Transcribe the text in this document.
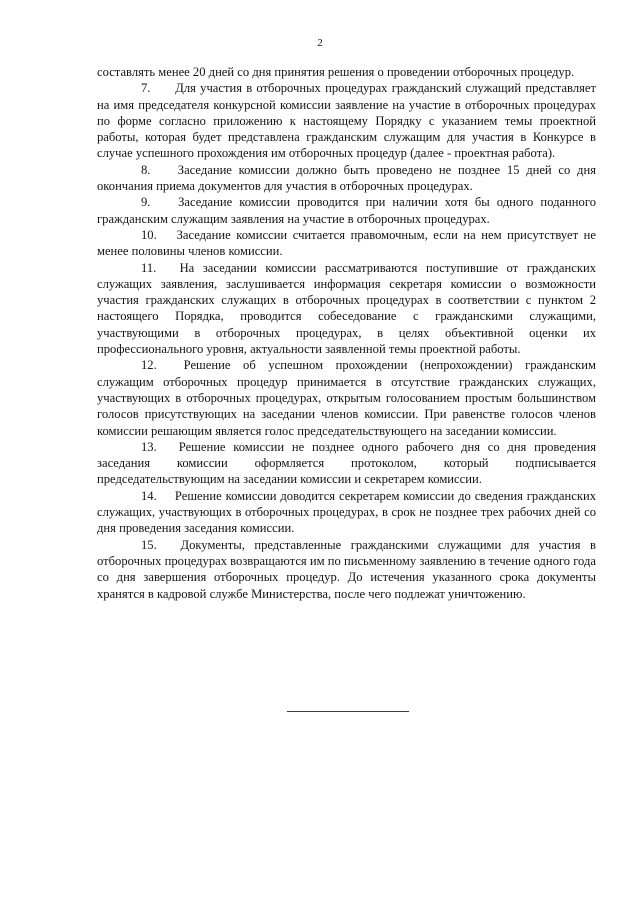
2

составлять менее 20 дней со дня принятия решения о проведении отборочных процедур.

7. Для участия в отборочных процедурах гражданский служащий представляет на имя председателя конкурсной комиссии заявление на участие в отборочных процедурах по форме согласно приложению к настоящему Порядку с указанием темы проектной работы, которая будет представлена гражданским служащим для участия в Конкурсе в случае успешного прохождения им отборочных процедур (далее - проектная работа).

8. Заседание комиссии должно быть проведено не позднее 15 дней со дня окончания приема документов для участия в отборочных процедурах.

9. Заседание комиссии проводится при наличии хотя бы одного поданного гражданским служащим заявления на участие в отборочных процедурах.

10. Заседание комиссии считается правомочным, если на нем присутствует не менее половины членов комиссии.

11. На заседании комиссии рассматриваются поступившие от гражданских служащих заявления, заслушивается информация секретаря комиссии о возможности участия гражданских служащих в отборочных процедурах в соответствии с пунктом 2 настоящего Порядка, проводится собеседование с гражданскими служащими, участвующими в отборочных процедурах, в целях объективной оценки их профессионального уровня, актуальности заявленной темы проектной работы.

12. Решение об успешном прохождении (непрохождении) гражданским служащим отборочных процедур принимается в отсутствие гражданских служащих, участвующих в отборочных процедурах, открытым голосованием простым большинством голосов присутствующих на заседании членов комиссии. При равенстве голосов членов комиссии решающим является голос председательствующего на заседании комиссии.

13. Решение комиссии не позднее одного рабочего дня со дня проведения заседания комиссии оформляется протоколом, который подписывается председательствующим на заседании комиссии и секретарем комиссии.

14. Решение комиссии доводится секретарем комиссии до сведения гражданских служащих, участвующих в отборочных процедурах, в срок не позднее трех рабочих дней со дня проведения заседания комиссии.

15. Документы, представленные гражданскими служащими для участия в отборочных процедурах возвращаются им по письменному заявлению в течение одного года со дня завершения отборочных процедур. До истечения указанного срока документы хранятся в кадровой службе Министерства, после чего подлежат уничтожению.
